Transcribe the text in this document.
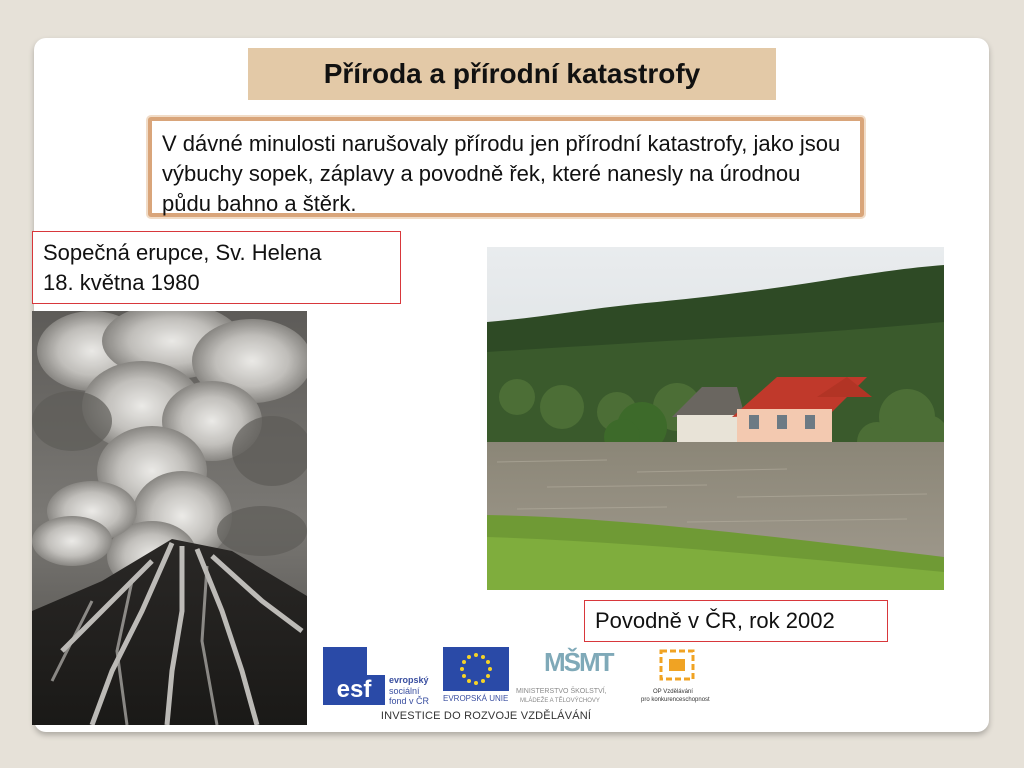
Příroda a přírodní katastrofy
V dávné minulosti narušovaly přírodu jen přírodní katastrofy, jako jsou výbuchy sopek, záplavy a povodně řek, které nanesly na úrodnou půdu bahno a štěrk.
Sopečná erupce, Sv. Helena
18. května 1980
Povodně v ČR, rok 2002
esf	evropský
sociální
fond v ČR EVROPSKÁ UNIE
MŠMT
MINISTERSTVO ŠKOLSTVÍ,
MLÁDEŽE A TĚLOVÝCHOVY
OP Vzdělávání
pro konkurenceschopnost
INVESTICE DO ROZVOJE VZDĚLÁVÁNÍ
